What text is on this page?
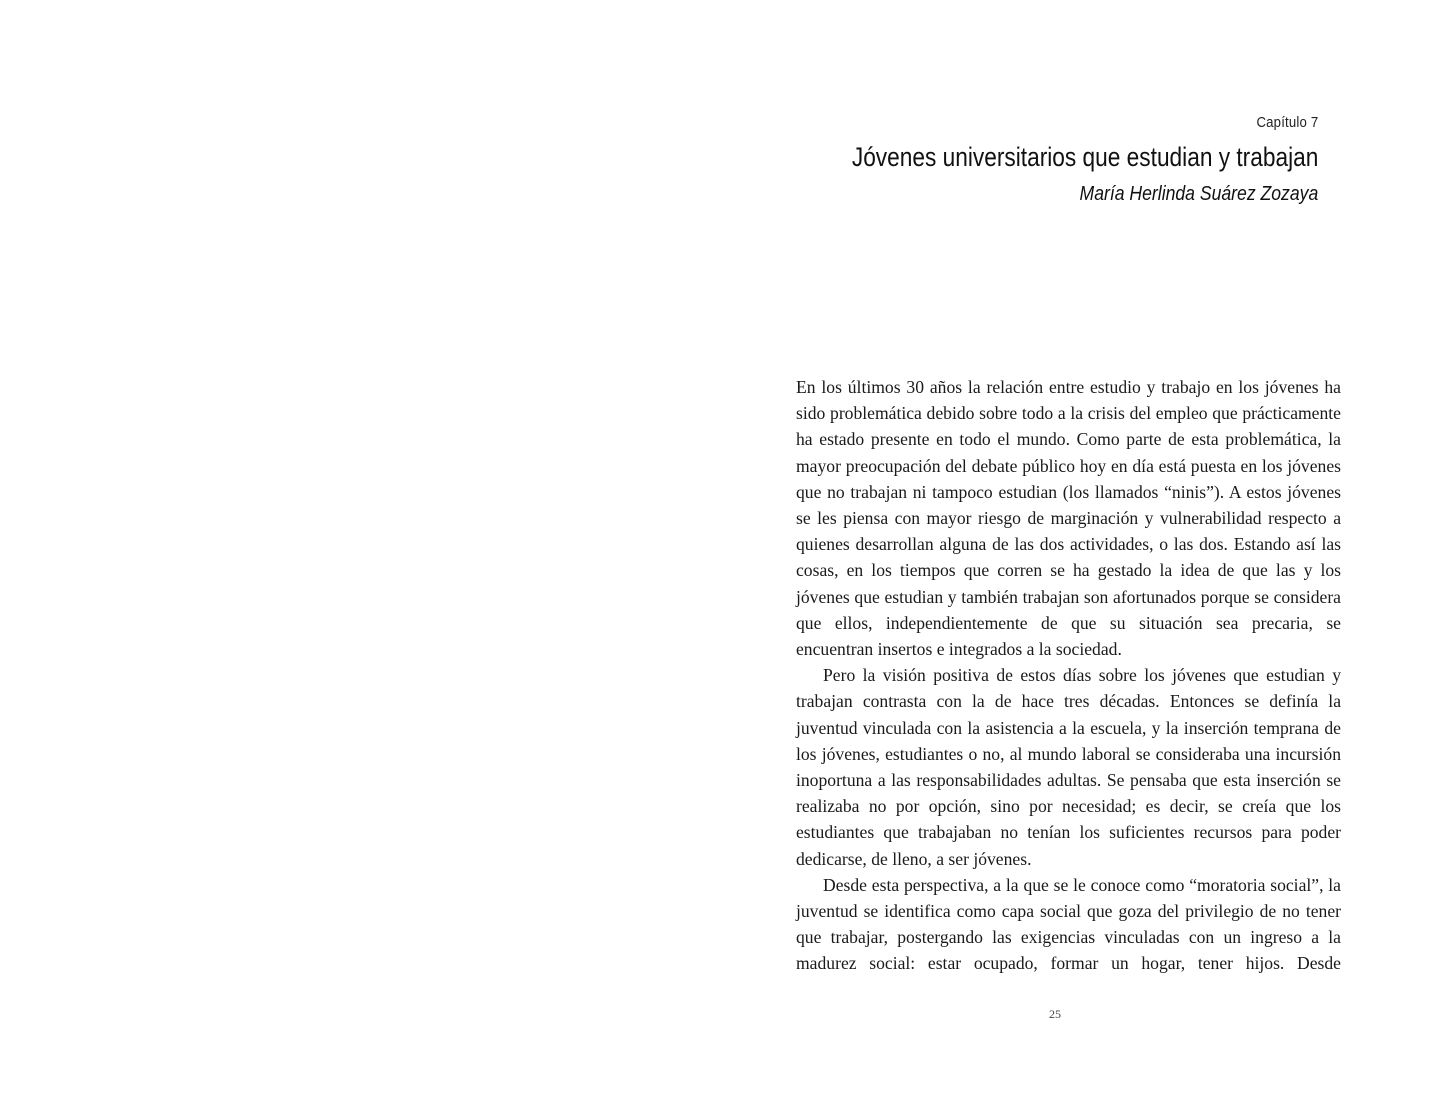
Capítulo 7
Jóvenes universitarios que estudian y trabajan
María Herlinda Suárez Zozaya

En los últimos 30 años la relación entre estudio y trabajo en los jóvenes ha sido problemática debido sobre todo a la crisis del empleo que prácticamente ha estado presente en todo el mundo. Como parte de esta problemática, la mayor preocupación del debate público hoy en día está puesta en los jóvenes que no trabajan ni tampoco estudian (los llamados “ninis”). A estos jóvenes se les piensa con mayor riesgo de marginación y vulnerabilidad respecto a quienes desarrollan alguna de las dos actividades, o las dos. Estando así las cosas, en los tiempos que corren se ha gestado la idea de que las y los jóvenes que estudian y también trabajan son afortunados porque se considera que ellos, independientemente de que su situación sea precaria, se encuentran insertos e integrados a la sociedad.

Pero la visión positiva de estos días sobre los jóvenes que estudian y trabajan contrasta con la de hace tres décadas. Entonces se definía la juventud vinculada con la asistencia a la escuela, y la inserción temprana de los jóvenes, estudiantes o no, al mundo laboral se consideraba una incursión inoportuna a las responsabilidades adultas. Se pensaba que esta inserción se realizaba no por opción, sino por necesidad; es decir, se creía que los estudiantes que trabajaban no tenían los suficientes recursos para poder dedicarse, de lleno, a ser jóvenes.

Desde esta perspectiva, a la que se le conoce como “moratoria social”, la juventud se identifica como capa social que goza del privilegio de no tener que trabajar, postergando las exigencias vinculadas con un ingreso a la madurez social: estar ocupado, formar un hogar, tener hijos. Desde

25
